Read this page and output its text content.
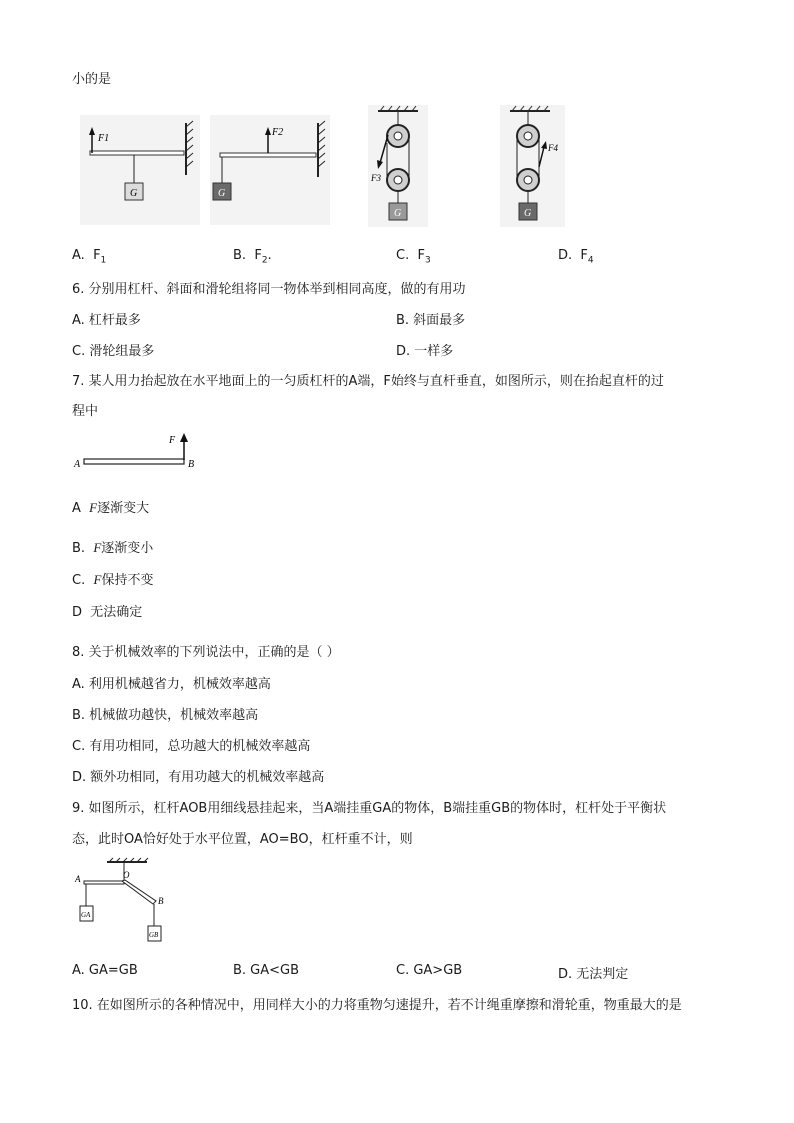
小的是
F1
G
F2
G
F3
G
F4
G
A. $F_1$	B. $F_2$.	C. $F_3$	D. $F_4$
6. 分别用杠杆、斜面和滑轮组将同一物体举到相同高度，做的有用功
A. 杠杆最多	B. 斜面最多
C. 滑轮组最多	D. 一样多
7. 某人用力抬起放在水平地面上的一匀质杠杆的A端，F始终与直杆垂直，如图所示，则在抬起直杆的过
程中
F
A	B
A F逐渐变大
B. F逐渐变小
C. F保持不变
D 无法确定
8. 关于机械效率的下列说法中，正确的是（ ）
A. 利用机械越省力，机械效率越高
B. 机械做功越快，机械效率越高
C. 有用功相同，总功越大的机械效率越高
D. 额外功相同，有用功越大的机械效率越高
9. 如图所示，杠杆AOB用细线悬挂起来，当A端挂重GA的物体，B端挂重GB的物体时，杠杆处于平衡状
态，此时OA恰好处于水平位置，AO=BO，杠杆重不计，则
A	O
B
GA
GB
A. GA=GB	B. GA<GB	C. GA>GB	D. 无法判定
10. 在如图所示的各种情况中，用同样大小的力将重物匀速提升，若不计绳重摩擦和滑轮重，物重最大的是
